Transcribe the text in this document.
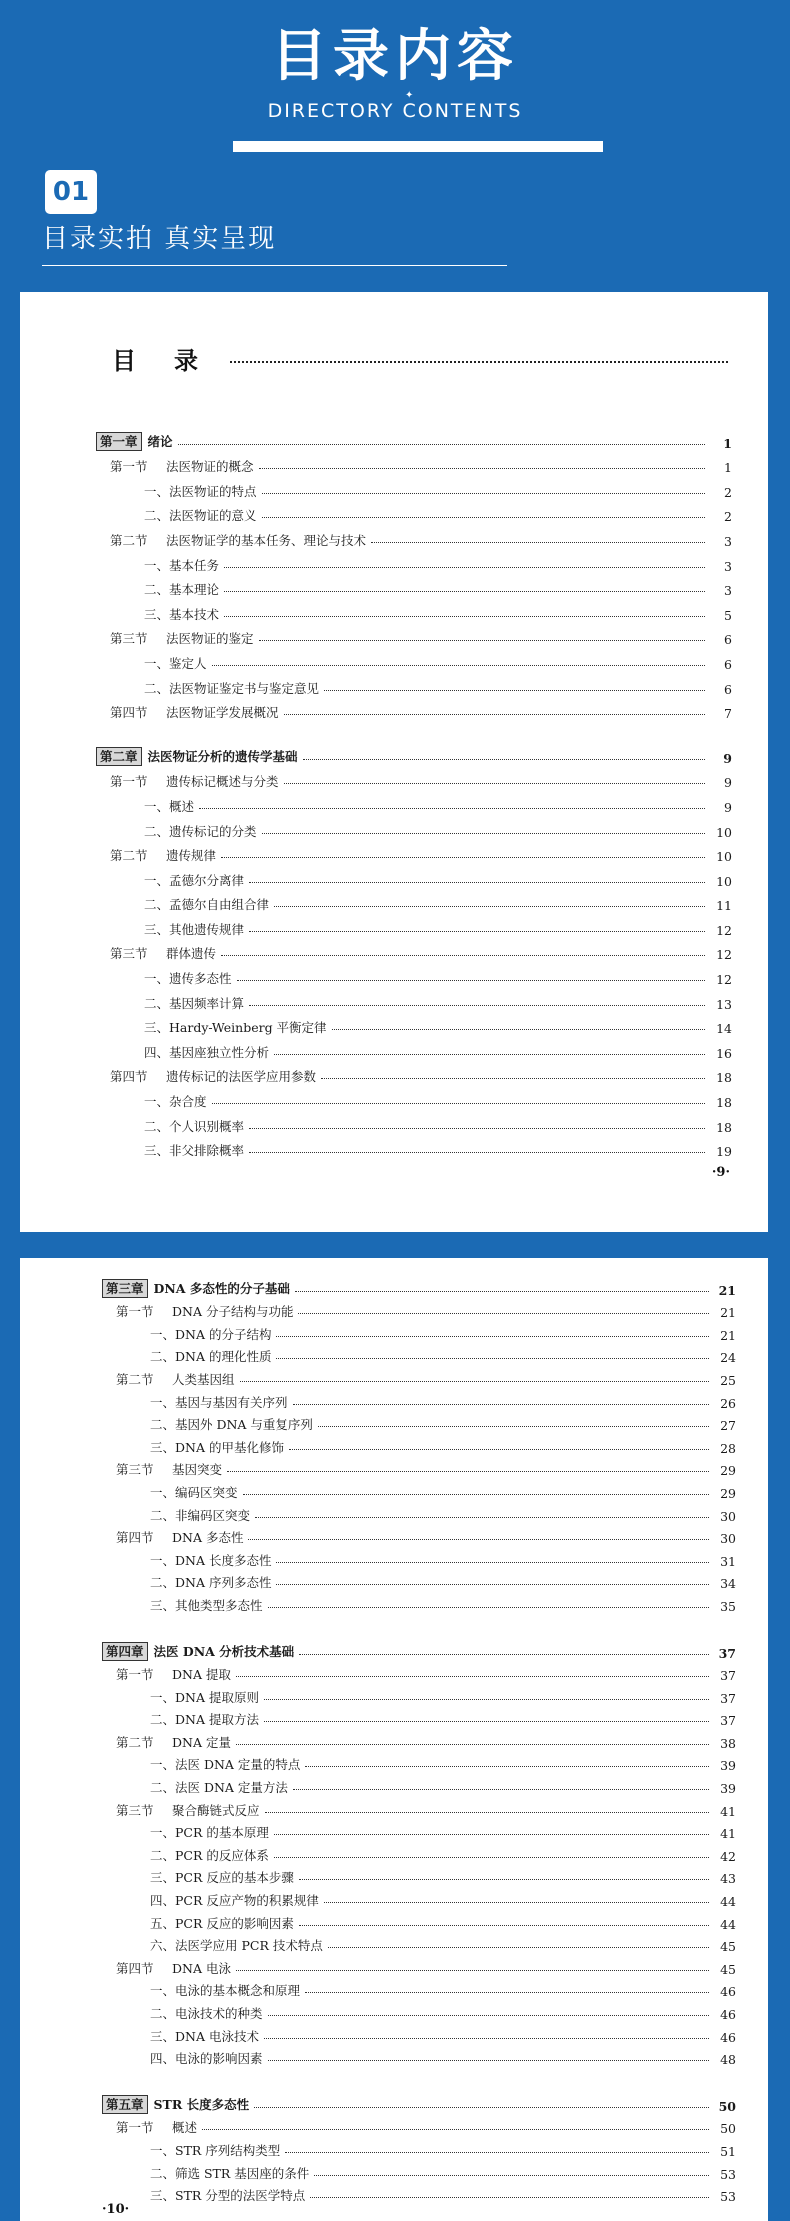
目录内容
✦
DIRECTORY CONTENTS
01
目录实拍 真实呈现
目录
第一章 绪论	1
第一节 法医物证的概念	1
一、法医物证的特点	2
二、法医物证的意义	2
第二节 法医物证学的基本任务、理论与技术	3
一、基本任务	3
二、基本理论	3
三、基本技术	5
第三节 法医物证的鉴定	6
一、鉴定人	6
二、法医物证鉴定书与鉴定意见	6
第四节 法医物证学发展概况	7
第二章 法医物证分析的遗传学基础	9
第一节 遗传标记概述与分类	9
一、概述	9
二、遗传标记的分类	10
第二节 遗传规律	10
一、孟德尔分离律	10
二、孟德尔自由组合律	11
三、其他遗传规律	12
第三节 群体遗传	12
一、遗传多态性	12
二、基因频率计算	13
三、Hardy-Weinberg 平衡定律	14
四、基因座独立性分析	16
第四节 遗传标记的法医学应用参数	18
一、杂合度	18
二、个人识别概率	18
三、非父排除概率	19
·9·
第三章 DNA 多态性的分子基础	21
第一节 DNA 分子结构与功能	21
一、DNA 的分子结构	21
二、DNA 的理化性质	24
第二节 人类基因组	25
一、基因与基因有关序列	26
二、基因外 DNA 与重复序列	27
三、DNA 的甲基化修饰	28
第三节 基因突变	29
一、编码区突变	29
二、非编码区突变	30
第四节 DNA 多态性	30
一、DNA 长度多态性	31
二、DNA 序列多态性	34
三、其他类型多态性	35
第四章 法医 DNA 分析技术基础	37
第一节 DNA 提取	37
一、DNA 提取原则	37
二、DNA 提取方法	37
第二节 DNA 定量	38
一、法医 DNA 定量的特点	39
二、法医 DNA 定量方法	39
第三节 聚合酶链式反应	41
一、PCR 的基本原理	41
二、PCR 的反应体系	42
三、PCR 反应的基本步骤	43
四、PCR 反应产物的积累规律	44
五、PCR 反应的影响因素	44
六、法医学应用 PCR 技术特点	45
第四节 DNA 电泳	45
一、电泳的基本概念和原理	46
二、电泳技术的种类	46
三、DNA 电泳技术	46
四、电泳的影响因素	48
第五章 STR 长度多态性	50
第一节 概述	50
一、STR 序列结构类型	51
二、筛选 STR 基因座的条件	53
三、STR 分型的法医学特点	53
·10·
